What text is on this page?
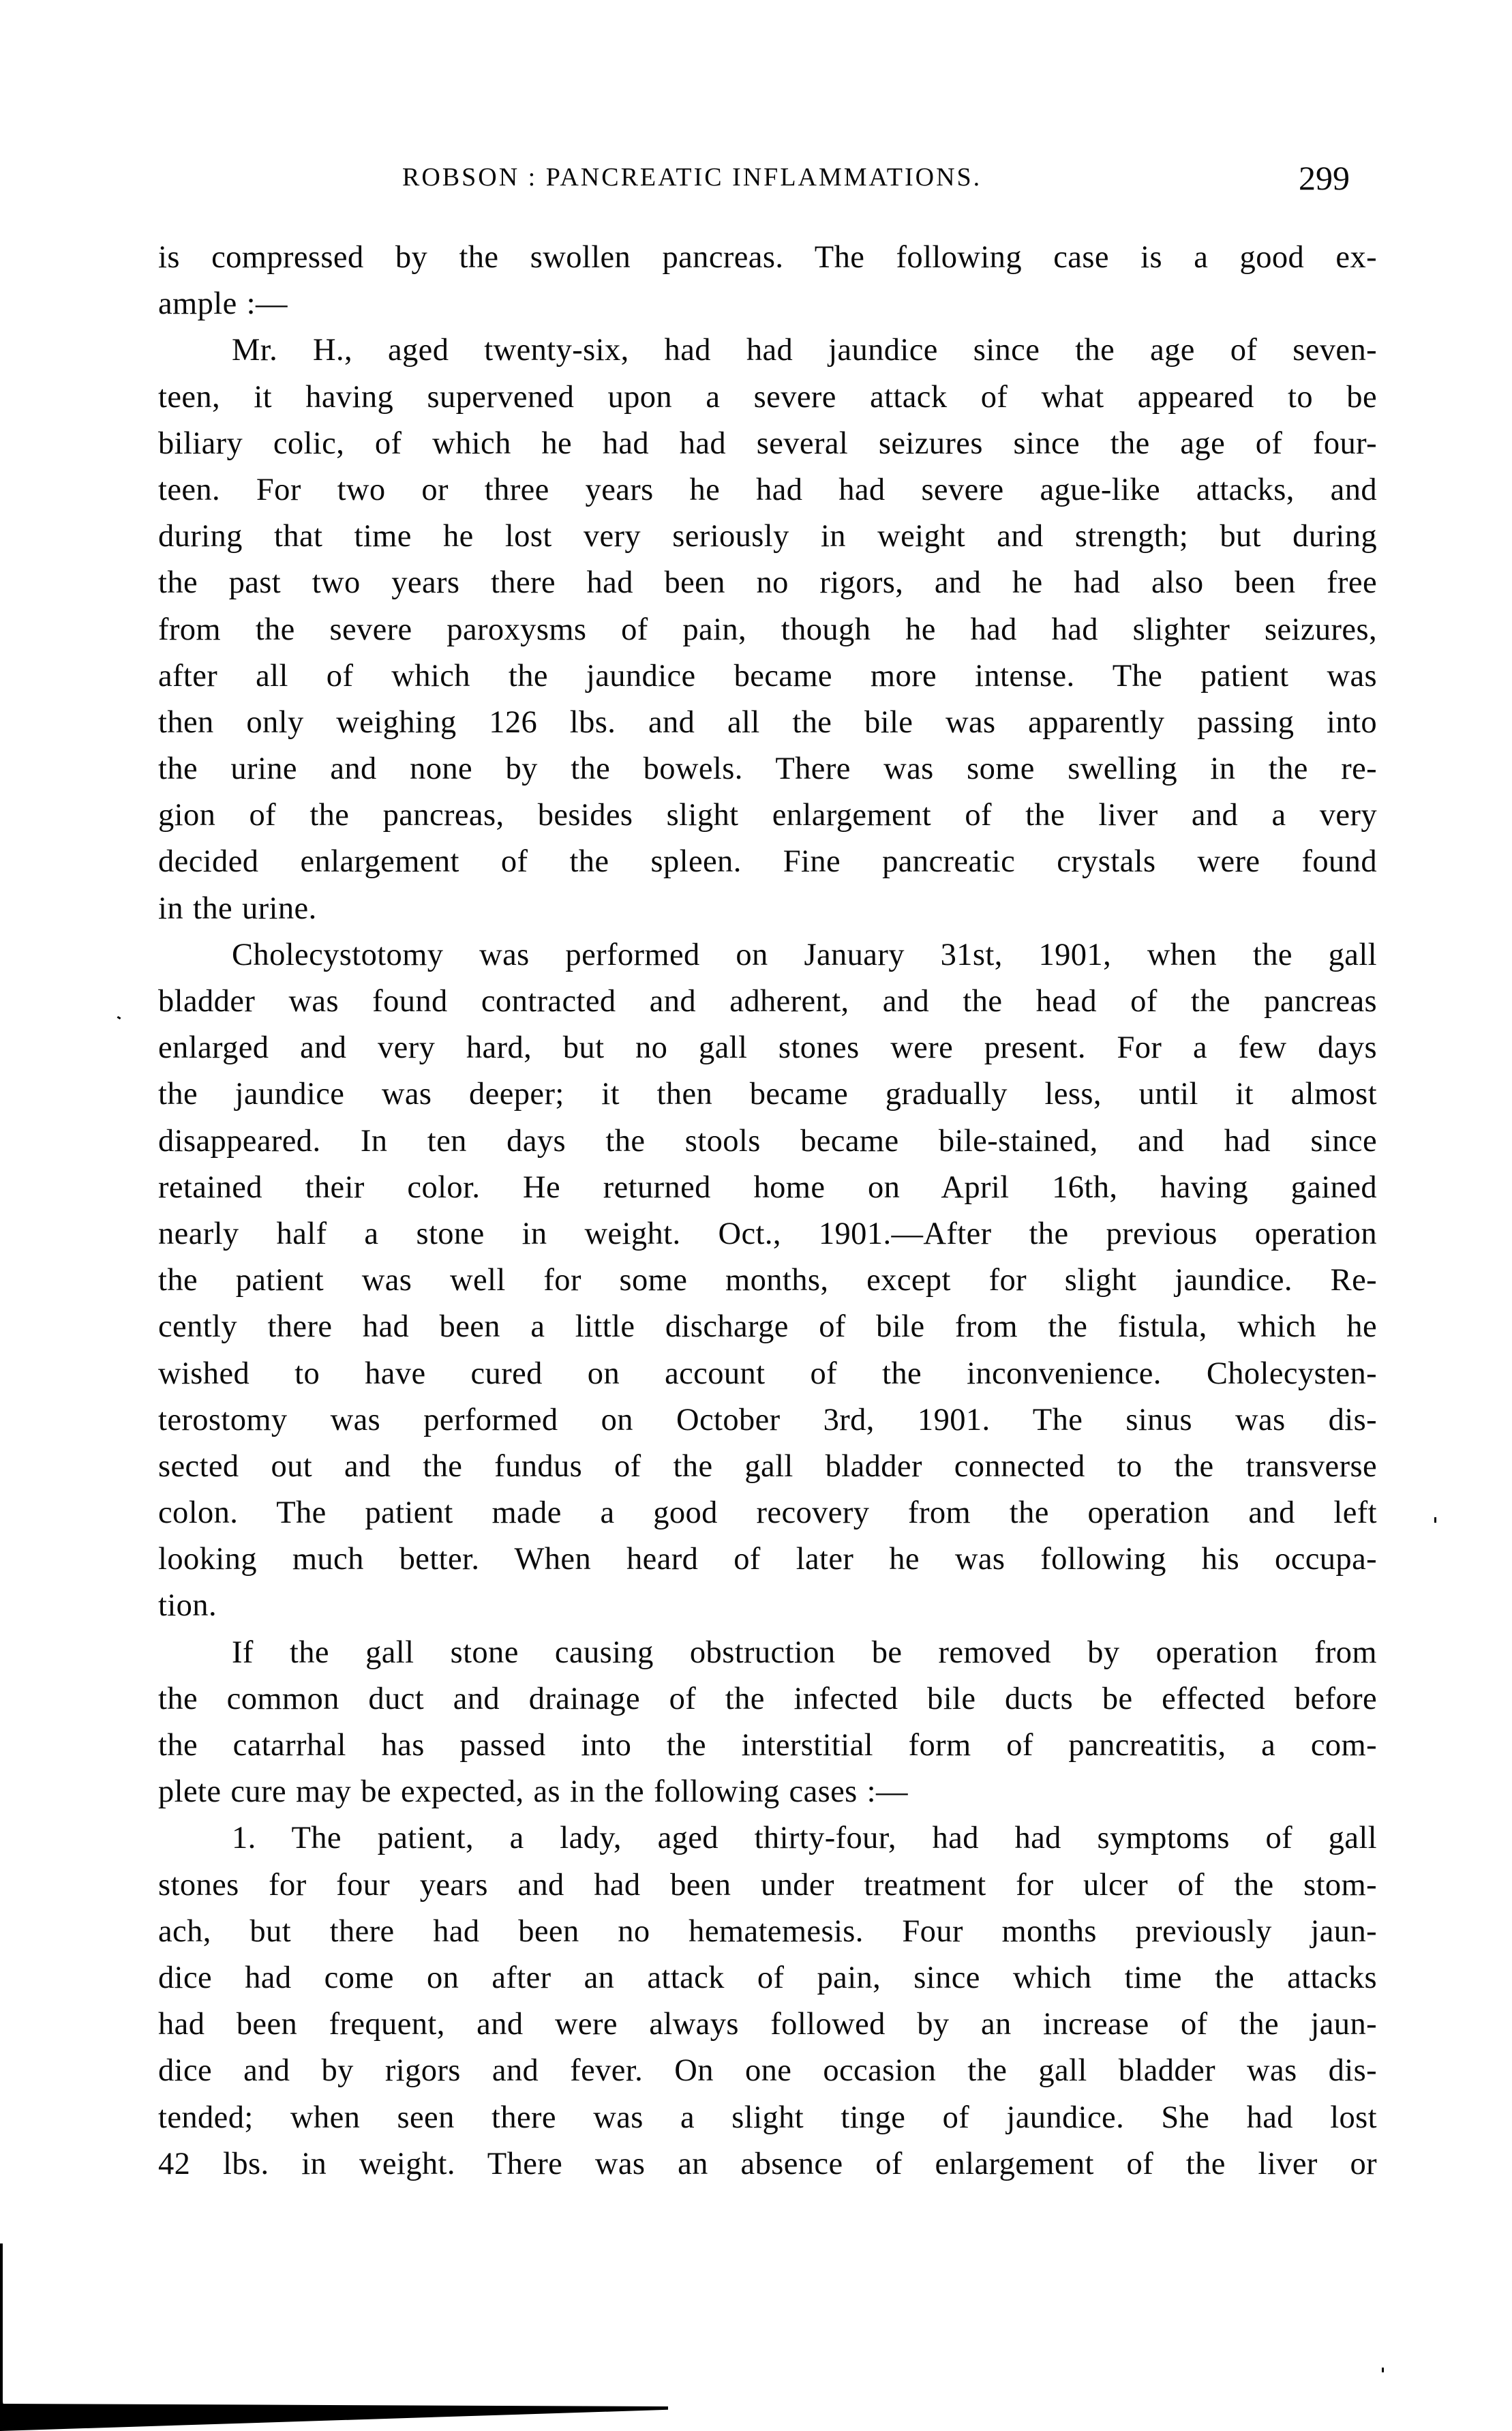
ROBSON : PANCREATIC INFLAMMATIONS.	299
is compressed by the swollen pancreas. The following case is a good ex-
ample :—
Mr. H., aged twenty-six, had had jaundice since the age of seven-
teen, it having supervened upon a severe attack of what appeared to be
biliary colic, of which he had had several seizures since the age of four-
teen. For two or three years he had had severe ague-like attacks, and
during that time he lost very seriously in weight and strength; but during
the past two years there had been no rigors, and he had also been free
from the severe paroxysms of pain, though he had had slighter seizures,
after all of which the jaundice became more intense. The patient was
then only weighing 126 lbs. and all the bile was apparently passing into
the urine and none by the bowels. There was some swelling in the re-
gion of the pancreas, besides slight enlargement of the liver and a very
decided enlargement of the spleen. Fine pancreatic crystals were found
in the urine.
Cholecystotomy was performed on January 31st, 1901, when the gall
bladder was found contracted and adherent, and the head of the pancreas
enlarged and very hard, but no gall stones were present. For a few days
the jaundice was deeper; it then became gradually less, until it almost
disappeared. In ten days the stools became bile-stained, and had since
retained their color. He returned home on April 16th, having gained
nearly half a stone in weight. Oct., 1901.—After the previous operation
the patient was well for some months, except for slight jaundice. Re-
cently there had been a little discharge of bile from the fistula, which he
wished to have cured on account of the inconvenience. Cholecysten-
terostomy was performed on October 3rd, 1901. The sinus was dis-
sected out and the fundus of the gall bladder connected to the transverse
colon. The patient made a good recovery from the operation and left
looking much better. When heard of later he was following his occupa-
tion.
If the gall stone causing obstruction be removed by operation from
the common duct and drainage of the infected bile ducts be effected before
the catarrhal has passed into the interstitial form of pancreatitis, a com-
plete cure may be expected, as in the following cases :—
1. The patient, a lady, aged thirty-four, had had symptoms of gall
stones for four years and had been under treatment for ulcer of the stom-
ach, but there had been no hematemesis. Four months previously jaun-
dice had come on after an attack of pain, since which time the attacks
had been frequent, and were always followed by an increase of the jaun-
dice and by rigors and fever. On one occasion the gall bladder was dis-
tended; when seen there was a slight tinge of jaundice. She had lost
42 lbs. in weight. There was an absence of enlargement of the liver or
